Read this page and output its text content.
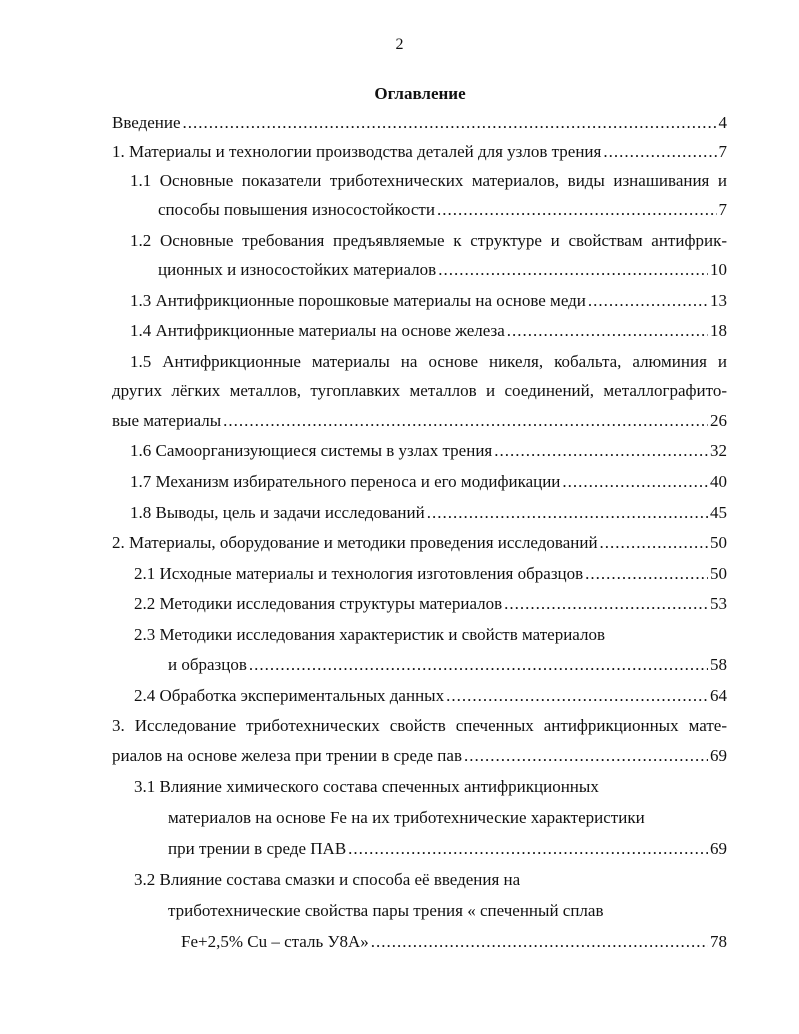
2
Оглавление
Введение .....	4
1. Материалы и технологии производства деталей для узлов трения .....	7
1.1 Основные показатели триботехнических материалов, виды изнашивания и
способы повышения износостойкости .....	7
1.2 Основные требования предъявляемые к структуре и свойствам антифрик-
ционных и износостойких материалов .....	10
1.3 Антифрикционные порошковые материалы на основе меди .....	13
1.4 Антифрикционные материалы на основе железа .....	18
1.5 Антифрикционные материалы на основе никеля, кобальта, алюминия и
других лёгких металлов, тугоплавких металлов и соединений, металлографито-
вые материалы .....	26
1.6 Самоорганизующиеся системы в узлах трения .....	32
1.7 Механизм избирательного переноса и его модификации .....	40
1.8 Выводы, цель и задачи исследований .....	45
2. Материалы, оборудование и методики проведения исследований .....	50
2.1 Исходные материалы и технология изготовления образцов .....	50
2.2 Методики исследования структуры материалов .....	53
2.3 Методики исследования характеристик и свойств материалов
и образцов .....	58
2.4 Обработка экспериментальных данных .....	64
3. Исследование триботехнических свойств спеченных антифрикционных мате-
риалов на основе железа при трении в среде пав .....	69
3.1 Влияние химического состава спеченных антифрикционных
материалов на основе Fe на их триботехнические характеристики
при трении в среде ПАВ .....	69
3.2 Влияние состава смазки и способа её введения на
триботехнические свойства пары трения « спеченный сплав
Fe+2,5% Cu – сталь У8А» .....	78
